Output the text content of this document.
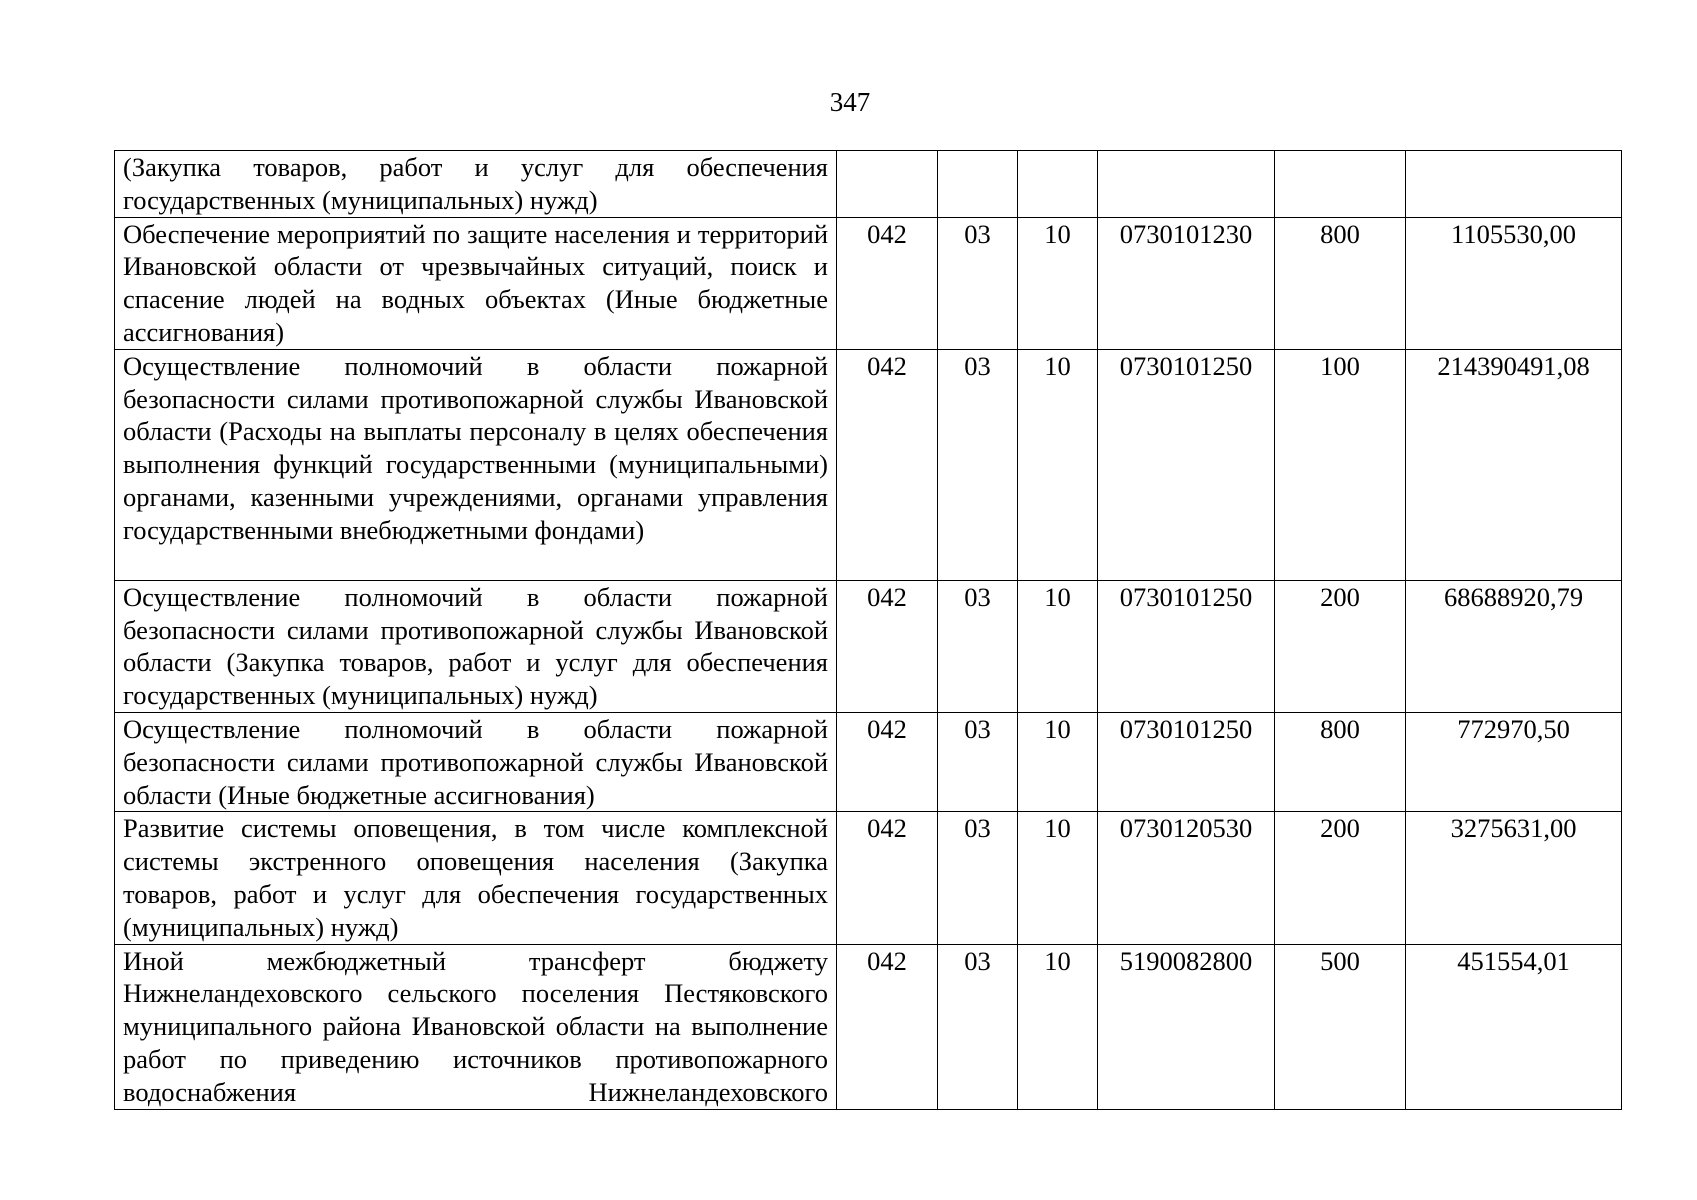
347
(Закупка товаров, работ и услуг для обеспечения государственных (муниципальных) нужд)						
Обеспечение мероприятий по защите населения и территорий Ивановской области от чрезвычайных ситуаций, поиск и спасение людей на водных объектах (Иные бюджетные ассигнования)	042	03	10	0730101230	800	1105530,00
Осуществление полномочий в области пожарной безопасности силами противопожарной службы Ивановской области (Расходы на выплаты персоналу в целях обеспечения выполнения функций государственными (муниципальными) органами, казенными учреждениями, органами управления государственными внебюджетными фондами)	042	03	10	0730101250	100	214390491,08
Осуществление полномочий в области пожарной безопасности силами противопожарной службы Ивановской области (Закупка товаров, работ и услуг для обеспечения государственных (муниципальных) нужд)	042	03	10	0730101250	200	68688920,79
Осуществление полномочий в области пожарной безопасности силами противопожарной службы Ивановской области (Иные бюджетные ассигнования)	042	03	10	0730101250	800	772970,50
Развитие системы оповещения, в том числе комплексной системы экстренного оповещения населения (Закупка товаров, работ и услуг для обеспечения государственных (муниципальных) нужд)	042	03	10	0730120530	200	3275631,00
Иной межбюджетный трансферт бюджету Нижнеландеховского сельского поселения Пестяковского муниципального района Ивановской области на выполнение работ по приведению источников противопожарного водоснабжения Нижнеландеховского	042	03	10	5190082800	500	451554,01
